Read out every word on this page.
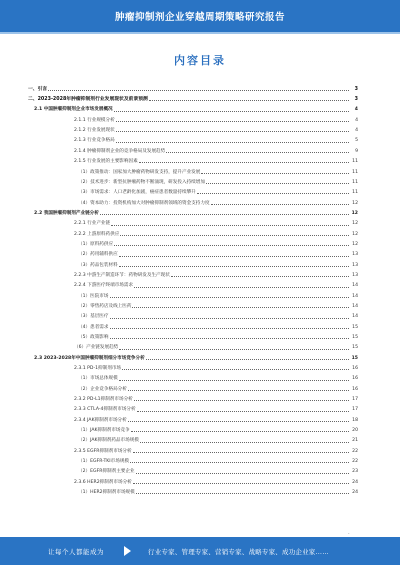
肿瘤抑制剂企业穿越周期策略研究报告
内容目录
一、引言	3
二、2023-2028年肿瘤抑制剂行业发展现状及前景预测	3
2.1 中国肿瘤抑制剂企业市场发展概况	4
2.1.1 行业规模分析	4
2.1.2 行业发展现状	4
2.1.3 行业竞争格局	5
2.1.4 肿瘤抑制剂企业的竞争格局及发展趋势	9
2.1.5 行业发展的主要影响因素	11
（1）政策推动：国家加大肿瘤药物研发支持，提升产业发展	11
（2）技术进步：新型抗肿瘤药物不断涌现，研发投入持续增加	11
（3）市场需求：人口老龄化加剧，癌症患者数量持续攀升	11
（4）资本助力：投资机构加大对肿瘤抑制剂领域的资金支持力度	12
2.2 我国肿瘤抑制剂产业链分析	12
2.2.1 行业产业链	12
2.2.2 上游原料药供应	12
（1）原料药供应	12
（2）药用辅料供应	13
（3）药品包装材料	13
2.2.3 中游生产制造环节：药物研发及生产现状	13
2.2.4 下游医疗终端市场需求	14
（1）医院市场	14
（2）零售药店及线上医药	14
（3）基层医疗	14
（4）患者需求	15
（5）政策影响	15
（6）产业链发展趋势	15
2.3 2023-2028年中国肿瘤抑制剂细分市场竞争分析	15
2.3.1 PD-1抑制剂市场	16
（1）市场总体规模	16
（2）企业竞争格局分析	16
2.3.2 PD-L1抑制剂市场分析	17
2.3.3 CTLA-4抑制剂市场分析	17
2.3.4 JAK抑制剂市场分析	18
（1）JAK抑制剂市场竞争	20
（2）JAK抑制剂药品市场规模	21
2.3.5 EGFR抑制剂市场分析	22
（1）EGFR-TKI市场规模	22
（2）EGFR抑制剂主要企业	23
2.3.6 HER2抑制剂市场分析	24
（1）HER2抑制剂市场规模	24
-
让每个人都能成为	行业专家、管理专家、营销专家、战略专家、成功企业家……
